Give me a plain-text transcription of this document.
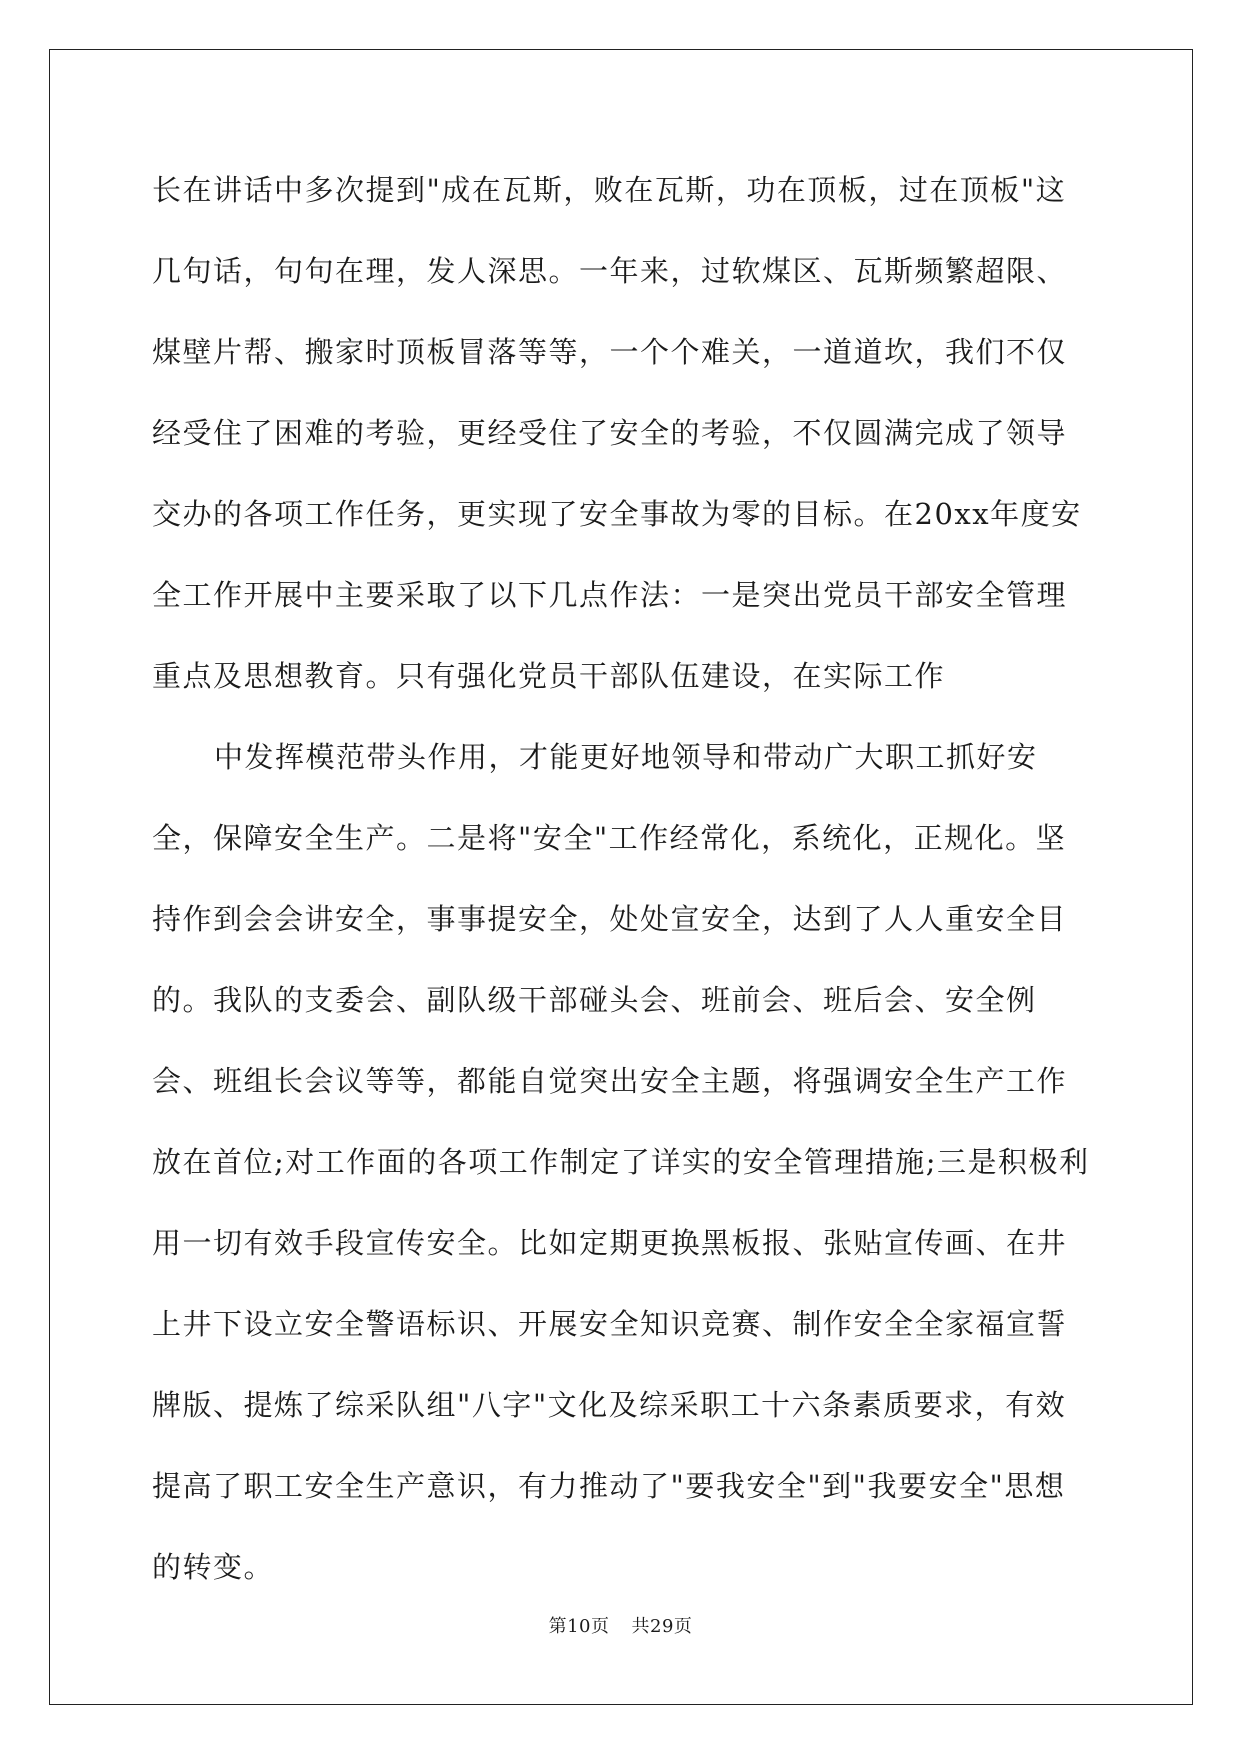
长在讲话中多次提到"成在瓦斯，败在瓦斯，功在顶板，过在顶板"这几句话，句句在理，发人深思。一年来，过软煤区、瓦斯频繁超限、煤壁片帮、搬家时顶板冒落等等，一个个难关，一道道坎，我们不仅经受住了困难的考验，更经受住了安全的考验，不仅圆满完成了领导交办的各项工作任务，更实现了安全事故为零的目标。在20xx年度安全工作开展中主要采取了以下几点作法：一是突出党员干部安全管理重点及思想教育。只有强化党员干部队伍建设，在实际工作

中发挥模范带头作用，才能更好地领导和带动广大职工抓好安全，保障安全生产。二是将"安全"工作经常化，系统化，正规化。坚持作到会会讲安全，事事提安全，处处宣安全，达到了人人重安全目的。我队的支委会、副队级干部碰头会、班前会、班后会、安全例会、班组长会议等等，都能自觉突出安全主题，将强调安全生产工作放在首位;对工作面的各项工作制定了详实的安全管理措施;三是积极利用一切有效手段宣传安全。比如定期更换黑板报、张贴宣传画、在井上井下设立安全警语标识、开展安全知识竞赛、制作安全全家福宣誓牌版、提炼了综采队组"八字"文化及综采职工十六条素质要求，有效提高了职工安全生产意识，有力推动了"要我安全"到"我要安全"思想的转变。

第10页 共29页
